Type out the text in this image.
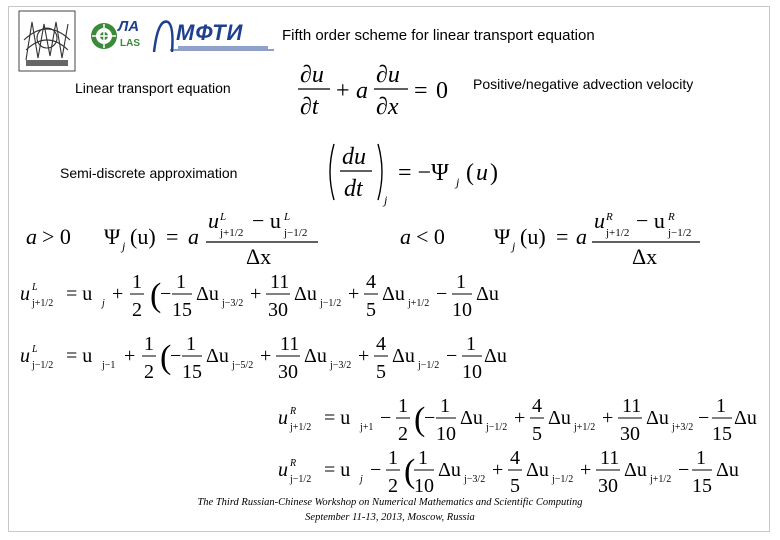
ЛА
LAS МФТИ	Fifth order scheme for linear transport equation
Linear transport equation	Positive/negative advection velocity
Semi-discrete approximation
∂u
∂t
+ a
∂u
∂x
= 0
du
dt j
= −Ψ j ( u )
a > 0 Ψ j (u) = a
u L
j+1/2 − u L
j−1/2
Δx
a < 0 Ψ j (u) = a
u R
j+1/2 − u R
j−1/2
Δx
u L
j+1/2 = u j +
1
2 (
−
1
15
Δu j−3/2 +
11
30
Δu j−1/2 +
4
5
Δu j+1/2 −
1
10
Δu
u L
j−1/2 = u j−1 +
1
2 (
−
1
15
Δu j−5/2 +
11
30
Δu j−3/2 +
4
5
Δu j−1/2 −
1
10
Δu
u R
j+1/2 = u j+1 −
1
2 (
−
1
10
Δu j−1/2 +
4
5
Δu j+1/2 +
11
30
Δu j+3/2 −
1
15
Δu
u R
j−1/2 = u j −
1
2 ( 1
10
Δu j−3/2 +
4
5
Δu j−1/2 +
11
30
Δu j+1/2 −
1
15
Δu
The Third Russian-Chinese Workshop on Numerical Mathematics and Scientific Computing
September 11-13, 2013, Moscow, Russia
